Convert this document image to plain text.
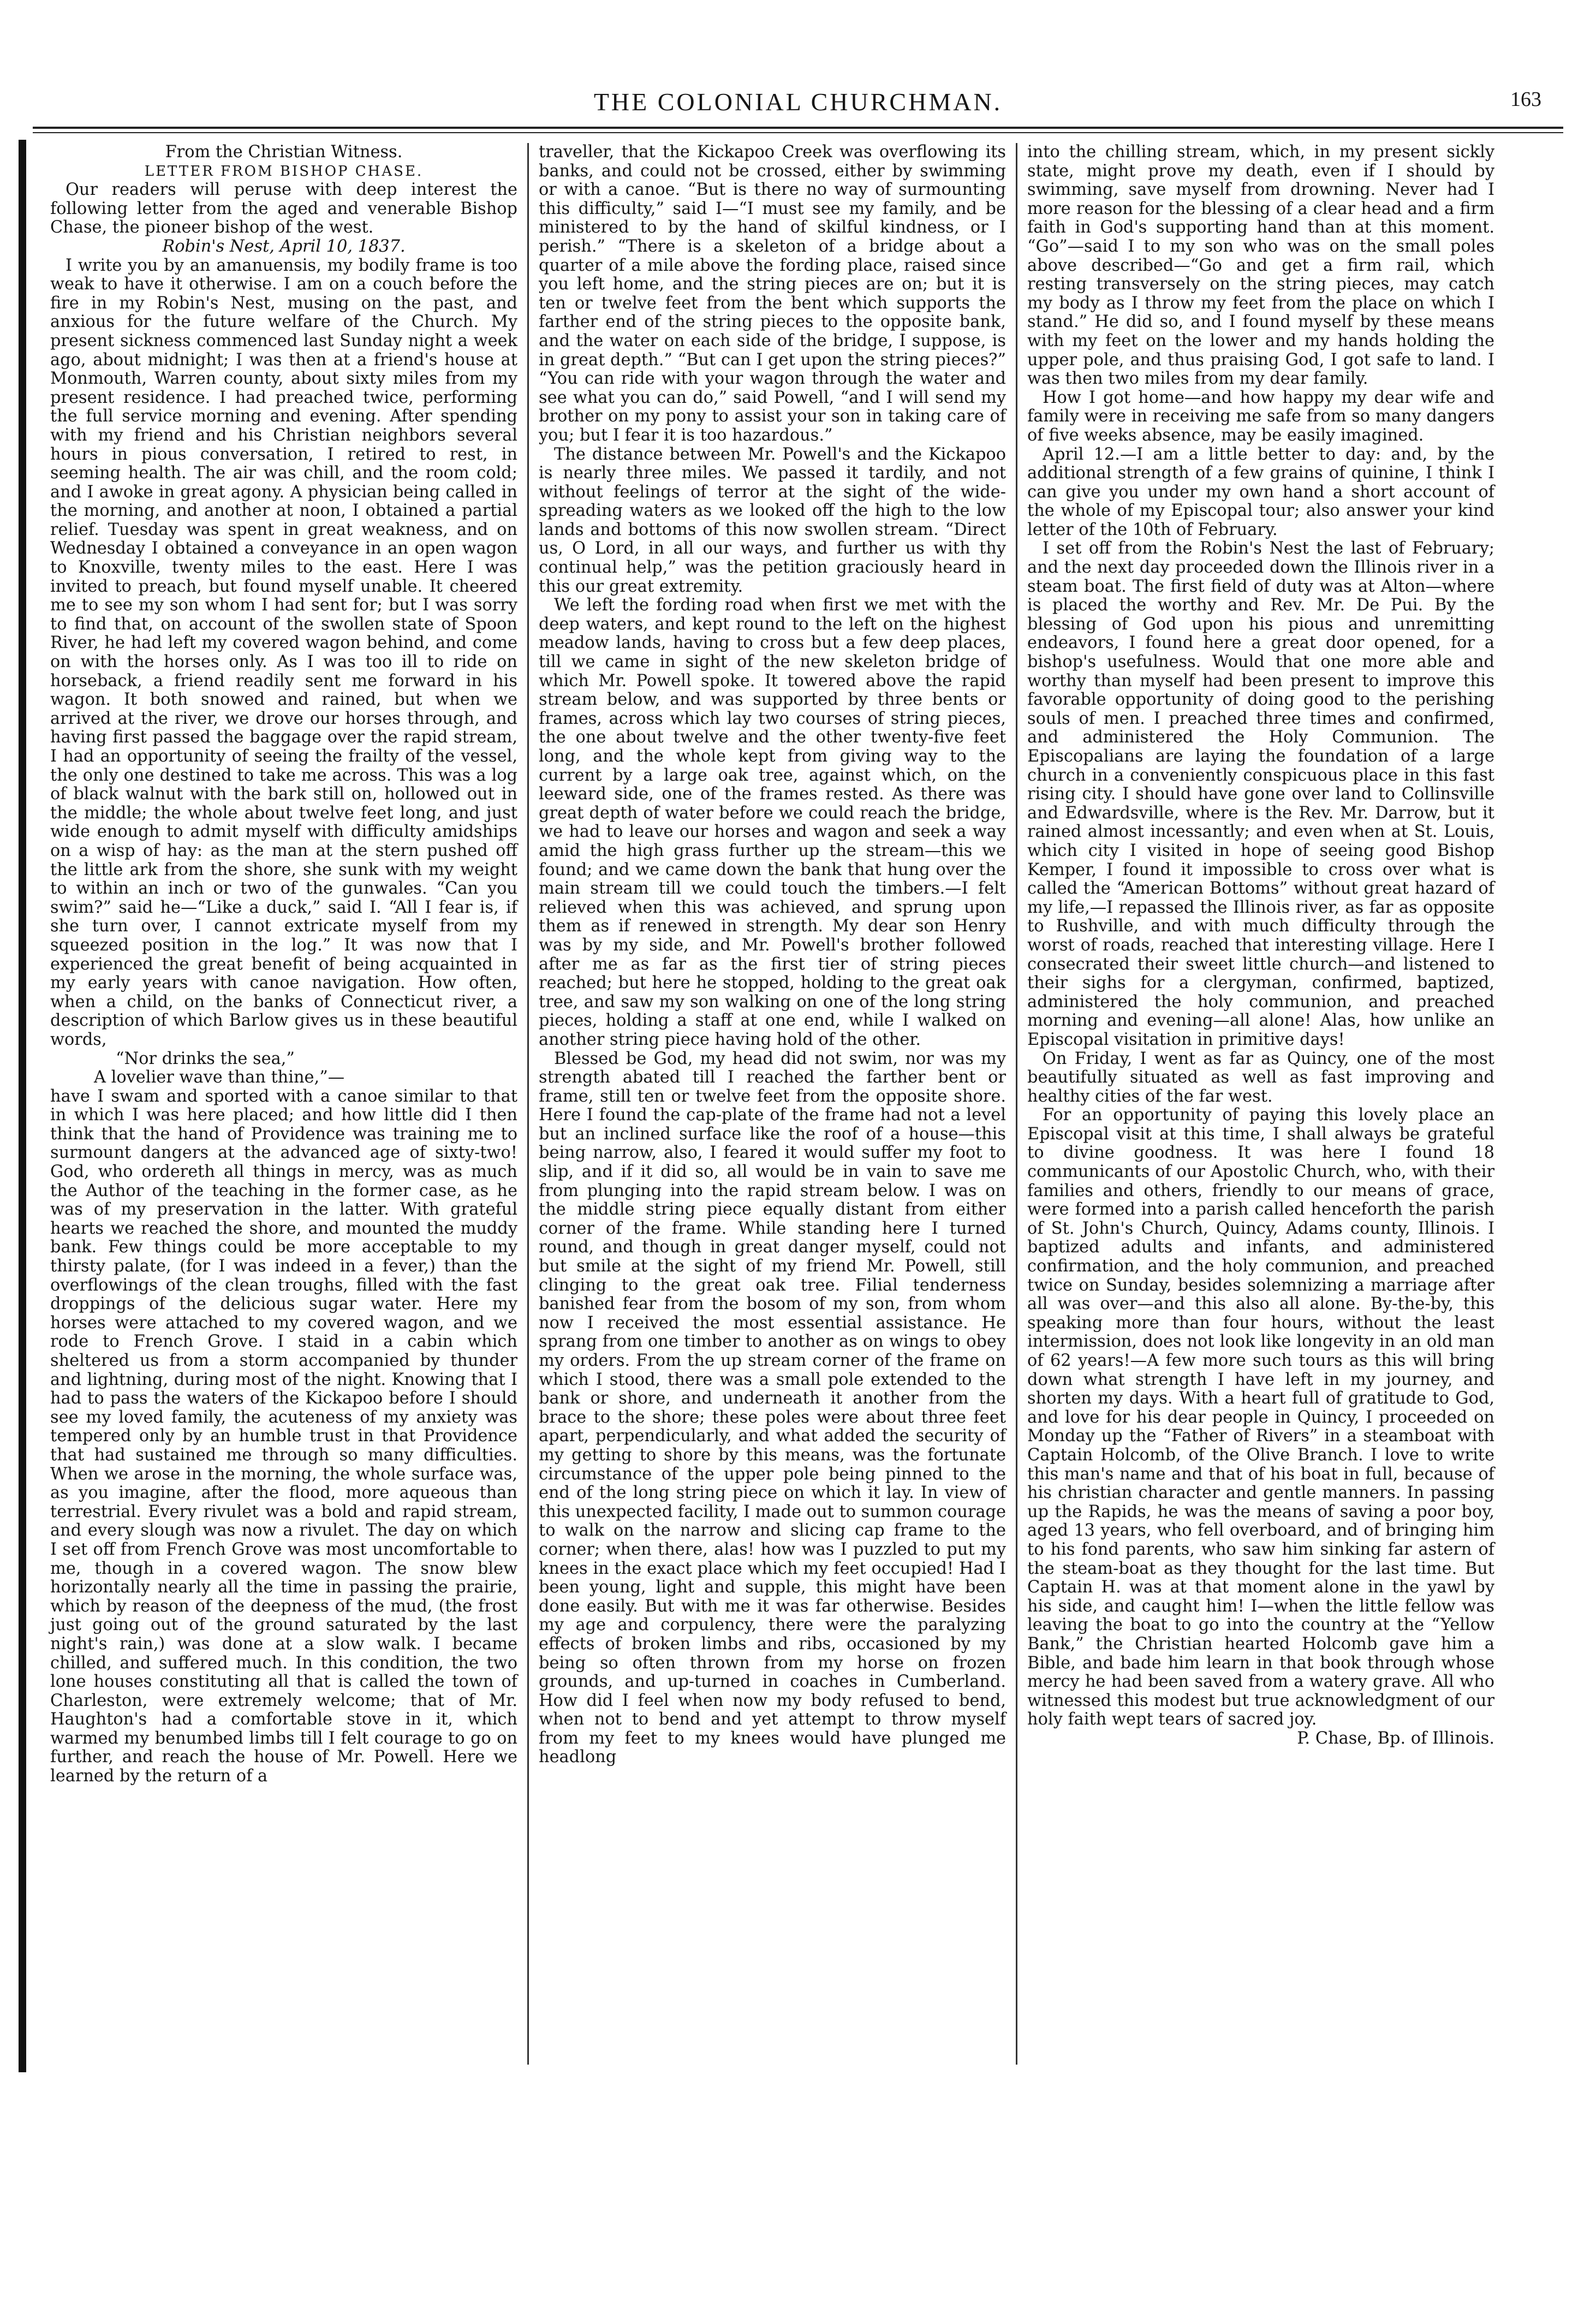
THE COLONIAL CHURCHMAN.	163

From the Christian Witness.

LETTER FROM BISHOP CHASE.

Our readers will peruse with deep interest the following letter from the aged and venerable Bishop Chase, the pioneer bishop of the west.

Robin's Nest, April 10, 1837.

I write you by an amanuensis, my bodily frame is too weak to have it otherwise. I am on a couch before the fire in my Robin's Nest, musing on the past, and anxious for the future welfare of the Church. My present sickness commenced last Sunday night a week ago, about midnight; I was then at a friend's house at Monmouth, Warren county, about sixty miles from my present residence. I had preached twice, performing the full service morning and evening. After spending with my friend and his Christian neighbors several hours in pious conversation, I retired to rest, in seeming health. The air was chill, and the room cold; and I awoke in great agony. A physician being called in the morning, and another at noon, I obtained a partial relief. Tuesday was spent in great weakness, and on Wednesday I obtained a conveyance in an open wagon to Knoxville, twenty miles to the east. Here I was invited to preach, but found myself unable. It cheered me to see my son whom I had sent for; but I was sorry to find that, on account of the swollen state of Spoon River, he had left my covered wagon behind, and come on with the horses only. As I was too ill to ride on horseback, a friend readily sent me forward in his wagon. It both snowed and rained, but when we arrived at the river, we drove our horses through, and having first passed the baggage over the rapid stream, I had an opportunity of seeing the frailty of the vessel, the only one destined to take me across. This was a log of black walnut with the bark still on, hollowed out in the middle; the whole about twelve feet long, and just wide enough to admit myself with difficulty amidships on a wisp of hay: as the man at the stern pushed off the little ark from the shore, she sunk with my weight to within an inch or two of the gunwales. “Can you swim?” said he—“Like a duck,” said I. “All I fear is, if she turn over, I cannot extricate myself from my squeezed position in the log.” It was now that I experienced the great benefit of being acquainted in my early years with canoe navigation. How often, when a child, on the banks of Connecticut river, a description of which Barlow gives us in these beautiful words,

“Nor drinks the sea,”

A lovelier wave than thine,”—

have I swam and sported with a canoe similar to that in which I was here placed; and how little did I then think that the hand of Providence was training me to surmount dangers at the advanced age of sixty-two! God, who ordereth all things in mercy, was as much the Author of the teaching in the former case, as he was of my preservation in the latter. With grateful hearts we reached the shore, and mounted the muddy bank. Few things could be more acceptable to my thirsty palate, (for I was indeed in a fever,) than the overflowings of the clean troughs, filled with the fast droppings of the delicious sugar water. Here my horses were attached to my covered wagon, and we rode to French Grove. I staid in a cabin which sheltered us from a storm accompanied by thunder and lightning, during most of the night. Knowing that I had to pass the waters of the Kickapoo before I should see my loved family, the acuteness of my anxiety was tempered only by an humble trust in that Providence that had sustained me through so many difficulties. When we arose in the morning, the whole surface was, as you imagine, after the flood, more aqueous than terrestrial. Every rivulet was a bold and rapid stream, and every slough was now a rivulet. The day on which I set off from French Grove was most uncomfortable to me, though in a covered wagon. The snow blew horizontally nearly all the time in passing the prairie, which by reason of the deepness of the mud, (the frost just going out of the ground saturated by the last night's rain,) was done at a slow walk. I became chilled, and suffered much. In this condition, the two lone houses constituting all that is called the town of Charleston, were extremely welcome; that of Mr. Haughton's had a comfortable stove in it, which warmed my benumbed limbs till I felt courage to go on further, and reach the house of Mr. Powell. Here we learned by the return of a

traveller, that the Kickapoo Creek was overflowing its banks, and could not be crossed, either by swimming or with a canoe. “But is there no way of surmounting this difficulty,” said I—“I must see my family, and be ministered to by the hand of skilful kindness, or I perish.” “There is a skeleton of a bridge about a quarter of a mile above the fording place, raised since you left home, and the string pieces are on; but it is ten or twelve feet from the bent which supports the farther end of the string pieces to the opposite bank, and the water on each side of the bridge, I suppose, is in great depth.” “But can I get upon the string pieces?” “You can ride with your wagon through the water and see what you can do,” said Powell, “and I will send my brother on my pony to assist your son in taking care of you; but I fear it is too hazardous.”

The distance between Mr. Powell's and the Kickapoo is nearly three miles. We passed it tardily, and not without feelings of terror at the sight of the wide-spreading waters as we looked off the high to the low lands and bottoms of this now swollen stream. “Direct us, O Lord, in all our ways, and further us with thy continual help,” was the petition graciously heard in this our great extremity.

We left the fording road when first we met with the deep waters, and kept round to the left on the highest meadow lands, having to cross but a few deep places, till we came in sight of the new skeleton bridge of which Mr. Powell spoke. It towered above the rapid stream below, and was supported by three bents or frames, across which lay two courses of string pieces, the one about twelve and the other twenty-five feet long, and the whole kept from giving way to the current by a large oak tree, against which, on the leeward side, one of the frames rested. As there was great depth of water before we could reach the bridge, we had to leave our horses and wagon and seek a way amid the high grass further up the stream—this we found; and we came down the bank that hung over the main stream till we could touch the timbers.—I felt relieved when this was achieved, and sprung upon them as if renewed in strength. My dear son Henry was by my side, and Mr. Powell's brother followed after me as far as the first tier of string pieces reached; but here he stopped, holding to the great oak tree, and saw my son walking on one of the long string pieces, holding a staff at one end, while I walked on another string piece having hold of the other.

Blessed be God, my head did not swim, nor was my strength abated till I reached the farther bent or frame, still ten or twelve feet from the opposite shore. Here I found the cap-plate of the frame had not a level but an inclined surface like the roof of a house—this being narrow, also, I feared it would suffer my foot to slip, and if it did so, all would be in vain to save me from plunging into the rapid stream below. I was on the middle string piece equally distant from either corner of the frame. While standing here I turned round, and though in great danger myself, could not but smile at the sight of my friend Mr. Powell, still clinging to the great oak tree. Filial tenderness banished fear from the bosom of my son, from whom now I received the most essential assistance. He sprang from one timber to another as on wings to obey my orders. From the up stream corner of the frame on which I stood, there was a small pole extended to the bank or shore, and underneath it another from the brace to the shore; these poles were about three feet apart, perpendicularly, and what added the security of my getting to shore by this means, was the fortunate circumstance of the upper pole being pinned to the end of the long string piece on which it lay. In view of this unexpected facility, I made out to summon courage to walk on the narrow and slicing cap frame to the corner; when there, alas! how was I puzzled to put my knees in the exact place which my feet occupied! Had I been young, light and supple, this might have been done easily. But with me it was far otherwise. Besides my age and corpulency, there were the paralyzing effects of broken limbs and ribs, occasioned by my being so often thrown from my horse on frozen grounds, and up-turned in coaches in Cumberland. How did I feel when now my body refused to bend, when not to bend and yet attempt to throw myself from my feet to my knees would have plunged me headlong

into the chilling stream, which, in my present sickly state, might prove my death, even if I should by swimming, save myself from drowning. Never had I more reason for the blessing of a clear head and a firm faith in God's supporting hand than at this moment. “Go”—said I to my son who was on the small poles above described—“Go and get a firm rail, which resting transversely on the string pieces, may catch my body as I throw my feet from the place on which I stand.” He did so, and I found myself by these means with my feet on the lower and my hands holding the upper pole, and thus praising God, I got safe to land. I was then two miles from my dear family.

How I got home—and how happy my dear wife and family were in receiving me safe from so many dangers of five weeks absence, may be easily imagined.

April 12.—I am a little better to day: and, by the additional strength of a few grains of quinine, I think I can give you under my own hand a short account of the whole of my Episcopal tour; also answer your kind letter of the 10th of February.

I set off from the Robin's Nest the last of February; and the next day proceeded down the Illinois river in a steam boat. The first field of duty was at Alton—where is placed the worthy and Rev. Mr. De Pui. By the blessing of God upon his pious and unremitting endeavors, I found here a great door opened, for a bishop's usefulness. Would that one more able and worthy than myself had been present to improve this favorable opportunity of doing good to the perishing souls of men. I preached three times and confirmed, and administered the Holy Communion. The Episcopalians are laying the foundation of a large church in a conveniently conspicuous place in this fast rising city. I should have gone over land to Collinsville and Edwardsville, where is the Rev. Mr. Darrow, but it rained almost incessantly; and even when at St. Louis, which city I visited in hope of seeing good Bishop Kemper, I found it impossible to cross over what is called the “American Bottoms” without great hazard of my life,—I repassed the Illinois river, as far as opposite to Rushville, and with much difficulty through the worst of roads, reached that interesting village. Here I consecrated their sweet little church—and listened to their sighs for a clergyman, confirmed, baptized, administered the holy communion, and preached morning and evening—all alone! Alas, how unlike an Episcopal visitation in primitive days!

On Friday, I went as far as Quincy, one of the most beautifully situated as well as fast improving and healthy cities of the far west.

For an opportunity of paying this lovely place an Episcopal visit at this time, I shall always be grateful to divine goodness. It was here I found 18 communicants of our Apostolic Church, who, with their families and others, friendly to our means of grace, were formed into a parish called henceforth the parish of St. John's Church, Quincy, Adams county, Illinois. I baptized adults and infants, and administered confirmation, and the holy communion, and preached twice on Sunday, besides solemnizing a marriage after all was over—and this also all alone. By-the-by, this speaking more than four hours, without the least intermission, does not look like longevity in an old man of 62 years!—A few more such tours as this will bring down what strength I have left in my journey, and shorten my days. With a heart full of gratitude to God, and love for his dear people in Quincy, I proceeded on Monday up the “Father of Rivers” in a steamboat with Captain Holcomb, of the Olive Branch. I love to write this man's name and that of his boat in full, because of his christian character and gentle manners. In passing up the Rapids, he was the means of saving a poor boy, aged 13 years, who fell overboard, and of bringing him to his fond parents, who saw him sinking far astern of the steam-boat as they thought for the last time. But Captain H. was at that moment alone in the yawl by his side, and caught him! I—when the little fellow was leaving the boat to go into the country at the “Yellow Bank,” the Christian hearted Holcomb gave him a Bible, and bade him learn in that book through whose mercy he had been saved from a watery grave. All who witnessed this modest but true acknowledgment of our holy faith wept tears of sacred joy.

P. Chase, Bp. of Illinois.
